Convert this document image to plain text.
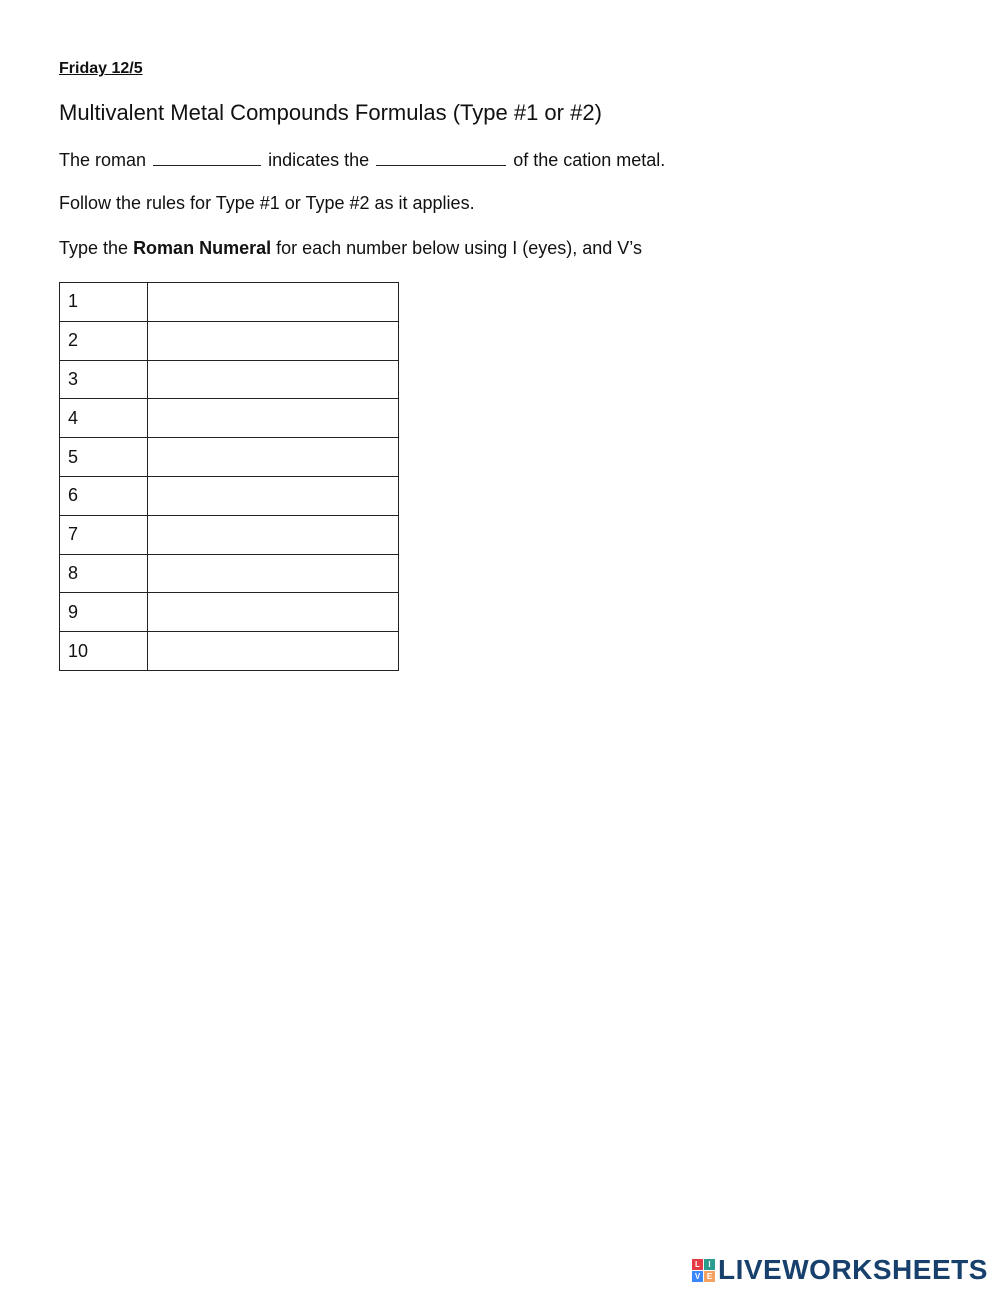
Friday 12/5

Multivalent Metal Compounds Formulas (Type #1 or #2)

The roman	indicates the	of the cation metal.

Follow the rules for Type #1 or Type #2 as it applies.

Type the Roman Numeral for each number below using I (eyes), and V’s

1	
2	
3	
4	
5	
6	
7	
8	
9	
10	
L	I
V E LIVEWORKSHEETS
